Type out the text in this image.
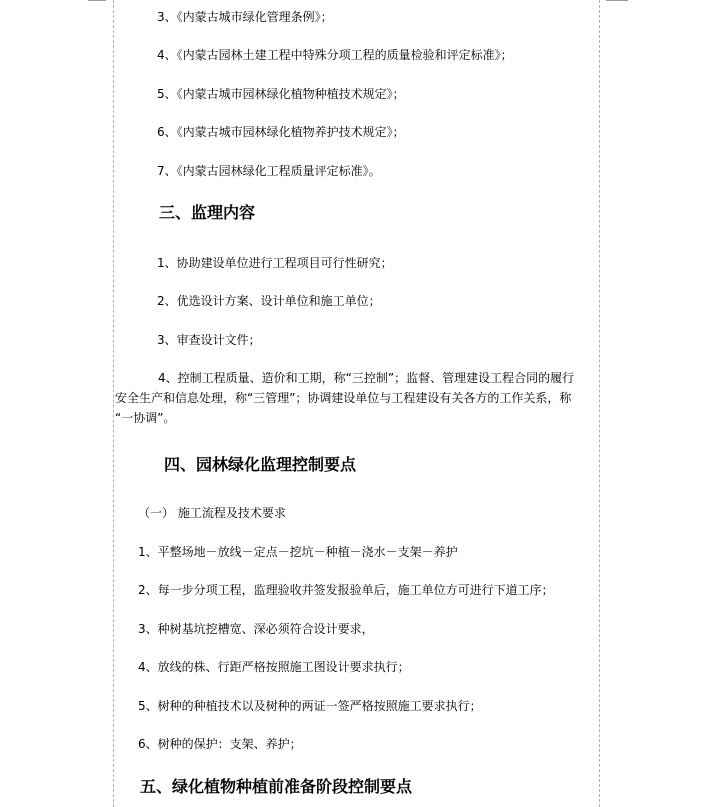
3、《内蒙古城市绿化管理条例》；
4、《内蒙古园林土建工程中特殊分项工程的质量检验和评定标准》；
5、《内蒙古城市园林绿化植物种植技术规定》；
6、《内蒙古城市园林绿化植物养护技术规定》；
7、《内蒙古园林绿化工程质量评定标准》。
三、监理内容
1、协助建设单位进行工程项目可行性研究；
2、优选设计方案、设计单位和施工单位；
3、审查设计文件；
4、控制工程质量、造价和工期，称“三控制”；监督、管理建设工程合同的履行
安全生产和信息处理，称“三管理”；协调建设单位与工程建设有关各方的工作关系，称
“一协调”。
四、园林绿化监理控制要点
（一） 施工流程及技术要求
1、平整场地－放线－定点－挖坑－种植－浇水－支架－养护
2、每一步分项工程，监理验收并签发报验单后，施工单位方可进行下道工序；
3、种树基坑挖槽宽、深必须符合设计要求，
4、放线的株、行距严格按照施工图设计要求执行；
5、树种的种植技术以及树种的两证一签严格按照施工要求执行；
6、树种的保护：支架、养护；
五、绿化植物种植前准备阶段控制要点
